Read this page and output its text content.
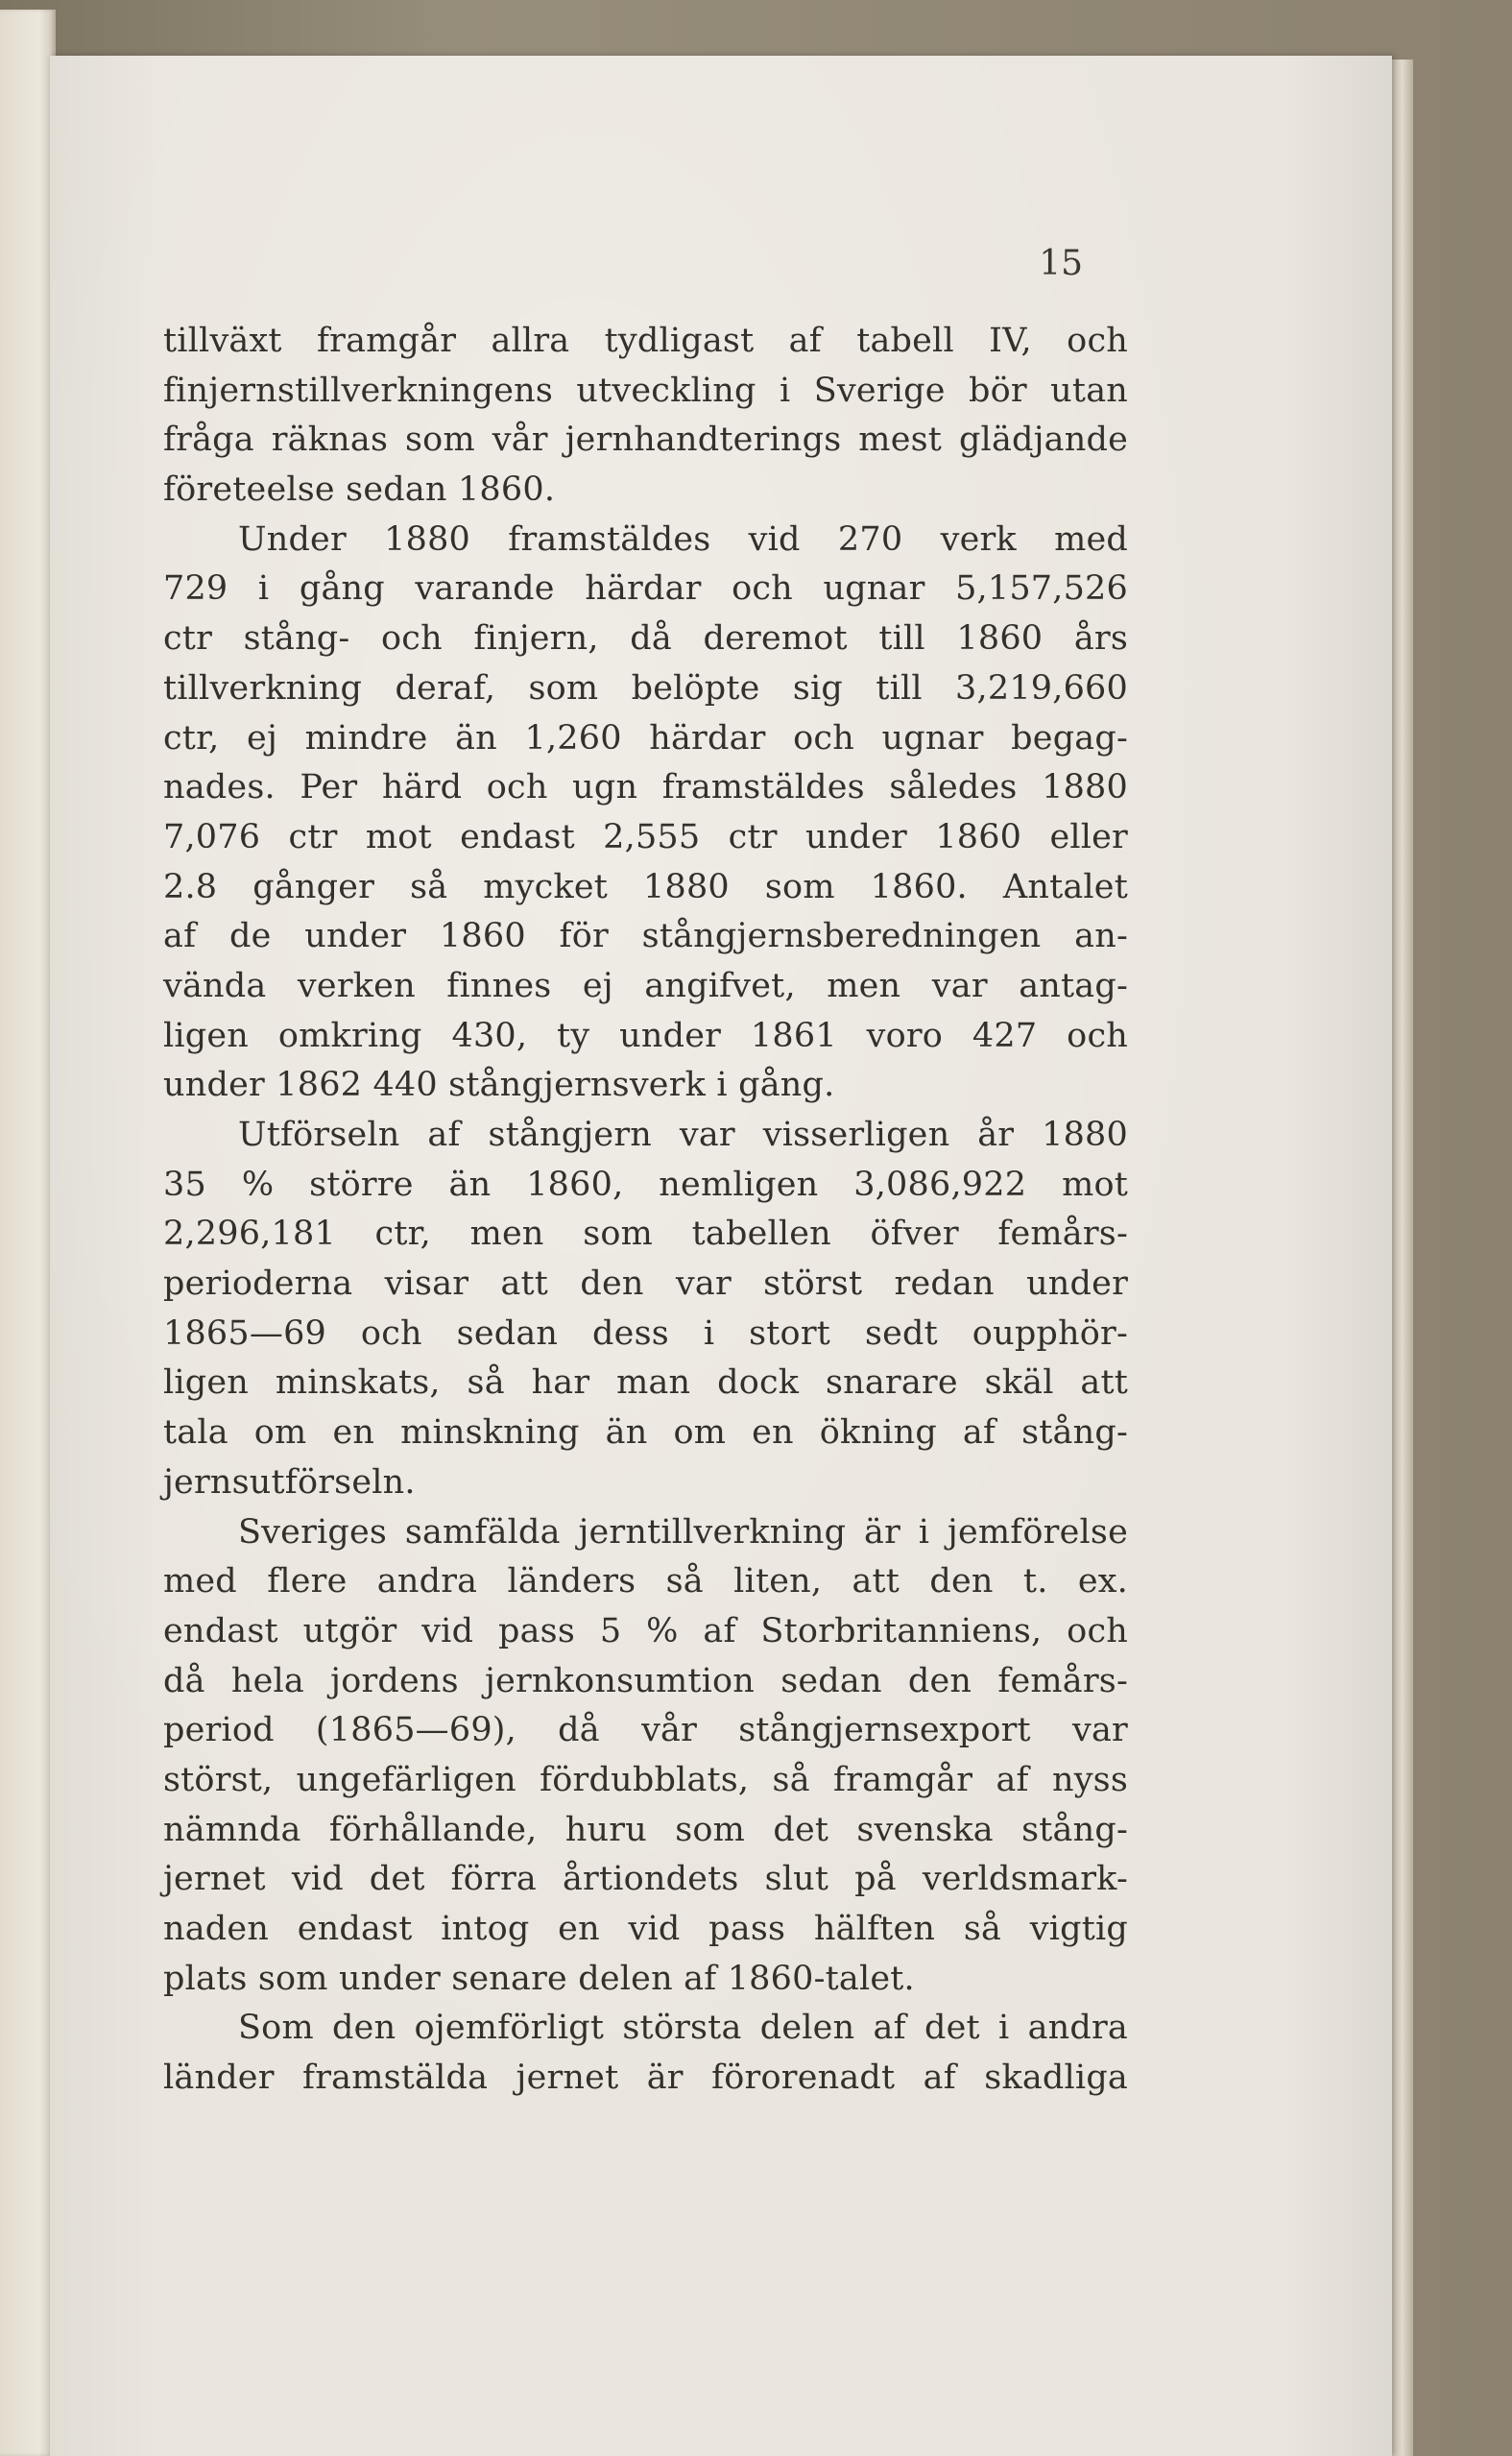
15

tillväxt framgår allra tydligast af tabell IV, och
finjernstillverkningens utveckling i Sverige bör utan
fråga räknas som vår jernhandterings mest glädjande
företeelse sedan 1860.
Under 1880 framstäldes vid 270 verk med
729 i gång varande härdar och ugnar 5,157,526
ctr stång- och finjern, då deremot till 1860 års
tillverkning deraf, som belöpte sig till 3,219,660
ctr, ej mindre än 1,260 härdar och ugnar begag-
nades. Per härd och ugn framstäldes således 1880
7,076 ctr mot endast 2,555 ctr under 1860 eller
2.8 gånger så mycket 1880 som 1860. Antalet
af de under 1860 för stångjernsberedningen an-
vända verken finnes ej angifvet, men var antag-
ligen omkring 430, ty under 1861 voro 427 och
under 1862 440 stångjernsverk i gång.
Utförseln af stångjern var visserligen år 1880
35 % större än 1860, nemligen 3,086,922 mot
2,296,181 ctr, men som tabellen öfver femårs-
perioderna visar att den var störst redan under
1865—69 och sedan dess i stort sedt oupphör-
ligen minskats, så har man dock snarare skäl att
tala om en minskning än om en ökning af stång-
jernsutförseln.
Sveriges samfälda jerntillverkning är i jemförelse
med flere andra länders så liten, att den t. ex.
endast utgör vid pass 5 % af Storbritanniens, och
då hela jordens jernkonsumtion sedan den femårs-
period (1865—69), då vår stångjernsexport var
störst, ungefärligen fördubblats, så framgår af nyss
nämnda förhållande, huru som det svenska stång-
jernet vid det förra årtiondets slut på verldsmark-
naden endast intog en vid pass hälften så vigtig
plats som under senare delen af 1860-talet.
Som den ojemförligt största delen af det i andra
länder framstälda jernet är förorenadt af skadliga
